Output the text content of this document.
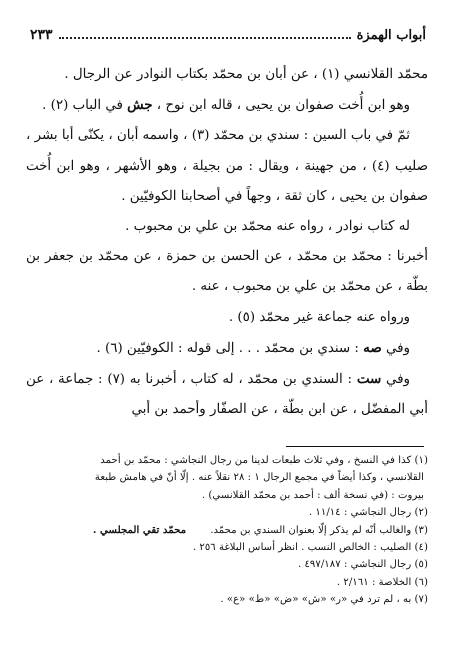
أبواب الهمزة
٢٣٣

محمّد القلانسي (١) ، عن أبان بن محمّد بكتاب النوادر عن الرجال .

وهو ابن أُخت صفوان بن يحيى ، قاله ابن نوح ، جش في الباب (٢) .

ثمّ في باب السين : سندي بن محمّد (٣) ، واسمه أبان ، يكنّى أبا بشر ، صليب (٤) ، من جهينة ، ويقال : من بجيلة ، وهو الأشهر ، وهو ابن أُخت صفوان بن يحيى ، كان ثقة ، وجهاً في أصحابنا الكوفيّين .

له كتاب نوادر ، رواه عنه محمّد بن علي بن محبوب .

أخبرنا : محمّد بن محمّد ، عن الحسن بن حمزة ، عن محمّد بن جعفر بن بطّة ، عن محمّد بن علي بن محبوب ، عنه .

ورواه عنه جماعة غير محمّد (٥) .

وفي صه : سندي بن محمّد . . . إلى قوله : الكوفيّين (٦) .

وفي ست : السندي بن محمّد ، له كتاب ، أخبرنا به (٧) : جماعة ، عن أبي المفضّل ، عن ابن بطّة ، عن الصفّار وأحمد بن أبي

(١) كذا في النسخ ، وفي ثلاث طبعات لدينا من رجال النجاشي : محمّد بن أحمد

القلانسي ، وكذا أيضاً في مجمع الرجال ١ : ٢٨ نقلاً عنه . إلّا أنّ في هامش طبعة

بيروت : (في نسخة ألف : أحمد بن محمّد القلانسي) .

(٢) رجال النجاشي : ١١/١٤ .

(٣) والغالب أنّه لم يذكر إلّا بعنوان السندي بن محمّد.محمّد تقي المجلسي .

(٤) الصليب : الخالص النسب . انظر أساس البلاغة ٢٥٦ .

(٥) رجال النجاشي : ٤٩٧/١٨٧ .

(٦) الخلاصة : ٢/١٦١ .

(٧) به ، لم ترد في «ر» «ش» «ض» «ط» «ع» .
